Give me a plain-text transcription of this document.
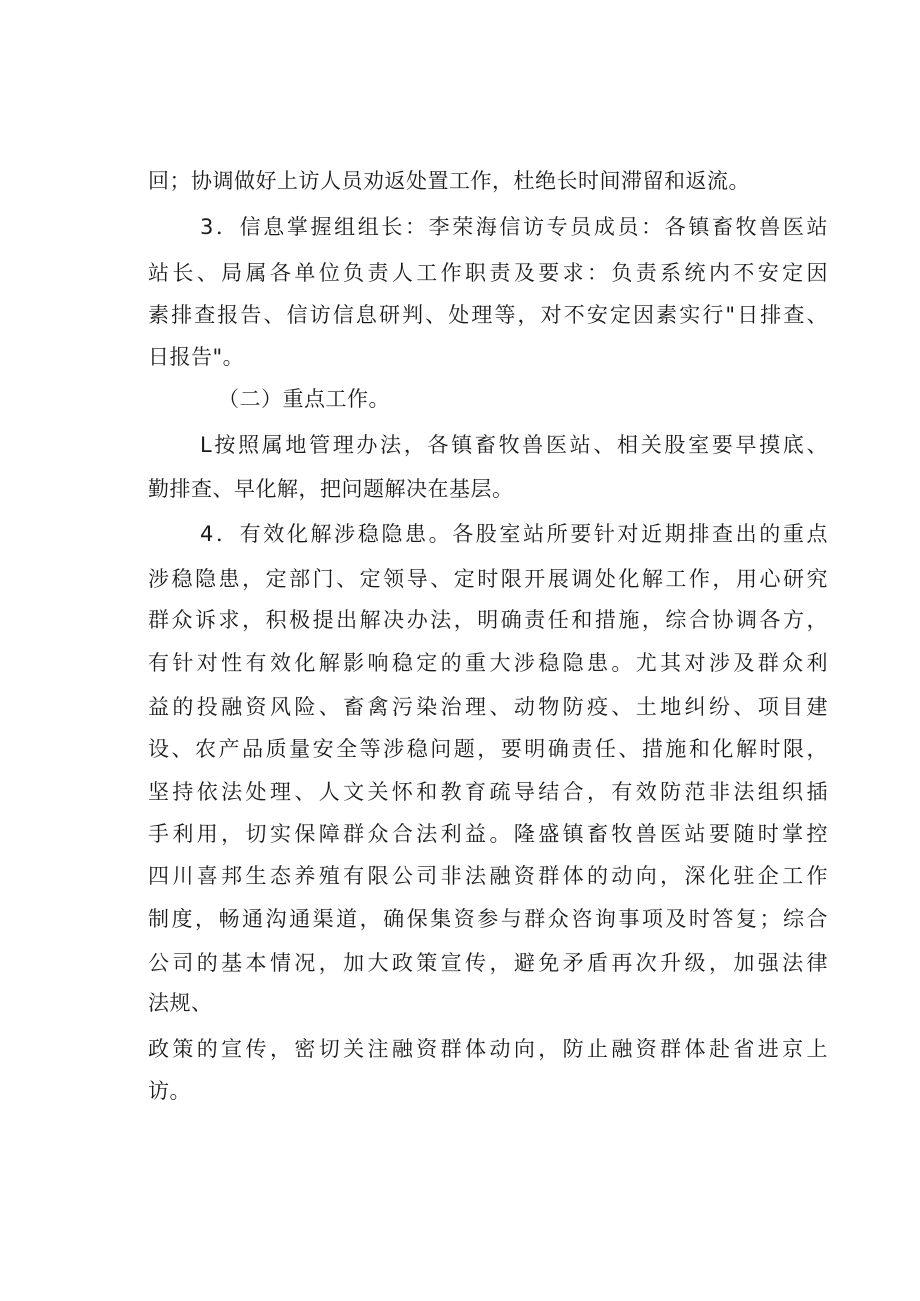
回；协调做好上访人员劝返处置工作，杜绝长时间滞留和返流。
3．信息掌握组组长：李荣海信访专员成员：各镇畜牧兽医站
站长、局属各单位负责人工作职责及要求：负责系统内不安定因
素排查报告、信访信息研判、处理等，对不安定因素实行"日排查、
日报告"。
（二）重点工作。
L按照属地管理办法，各镇畜牧兽医站、相关股室要早摸底、
勤排查、早化解，把问题解决在基层。
4．有效化解涉稳隐患。各股室站所要针对近期排查出的重点
涉稳隐患，定部门、定领导、定时限开展调处化解工作，用心研究
群众诉求，积极提出解决办法，明确责任和措施，综合协调各方，
有针对性有效化解影响稳定的重大涉稳隐患。尤其对涉及群众利
益的投融资风险、畜禽污染治理、动物防疫、土地纠纷、项目建
设、农产品质量安全等涉稳问题，要明确责任、措施和化解时限，
坚持依法处理、人文关怀和教育疏导结合，有效防范非法组织插
手利用，切实保障群众合法利益。隆盛镇畜牧兽医站要随时掌控
四川喜邦生态养殖有限公司非法融资群体的动向，深化驻企工作
制度，畅通沟通渠道，确保集资参与群众咨询事项及时答复；综合
公司的基本情况，加大政策宣传，避免矛盾再次升级，加强法律
法规、
政策的宣传，密切关注融资群体动向，防止融资群体赴省进京上
访。
